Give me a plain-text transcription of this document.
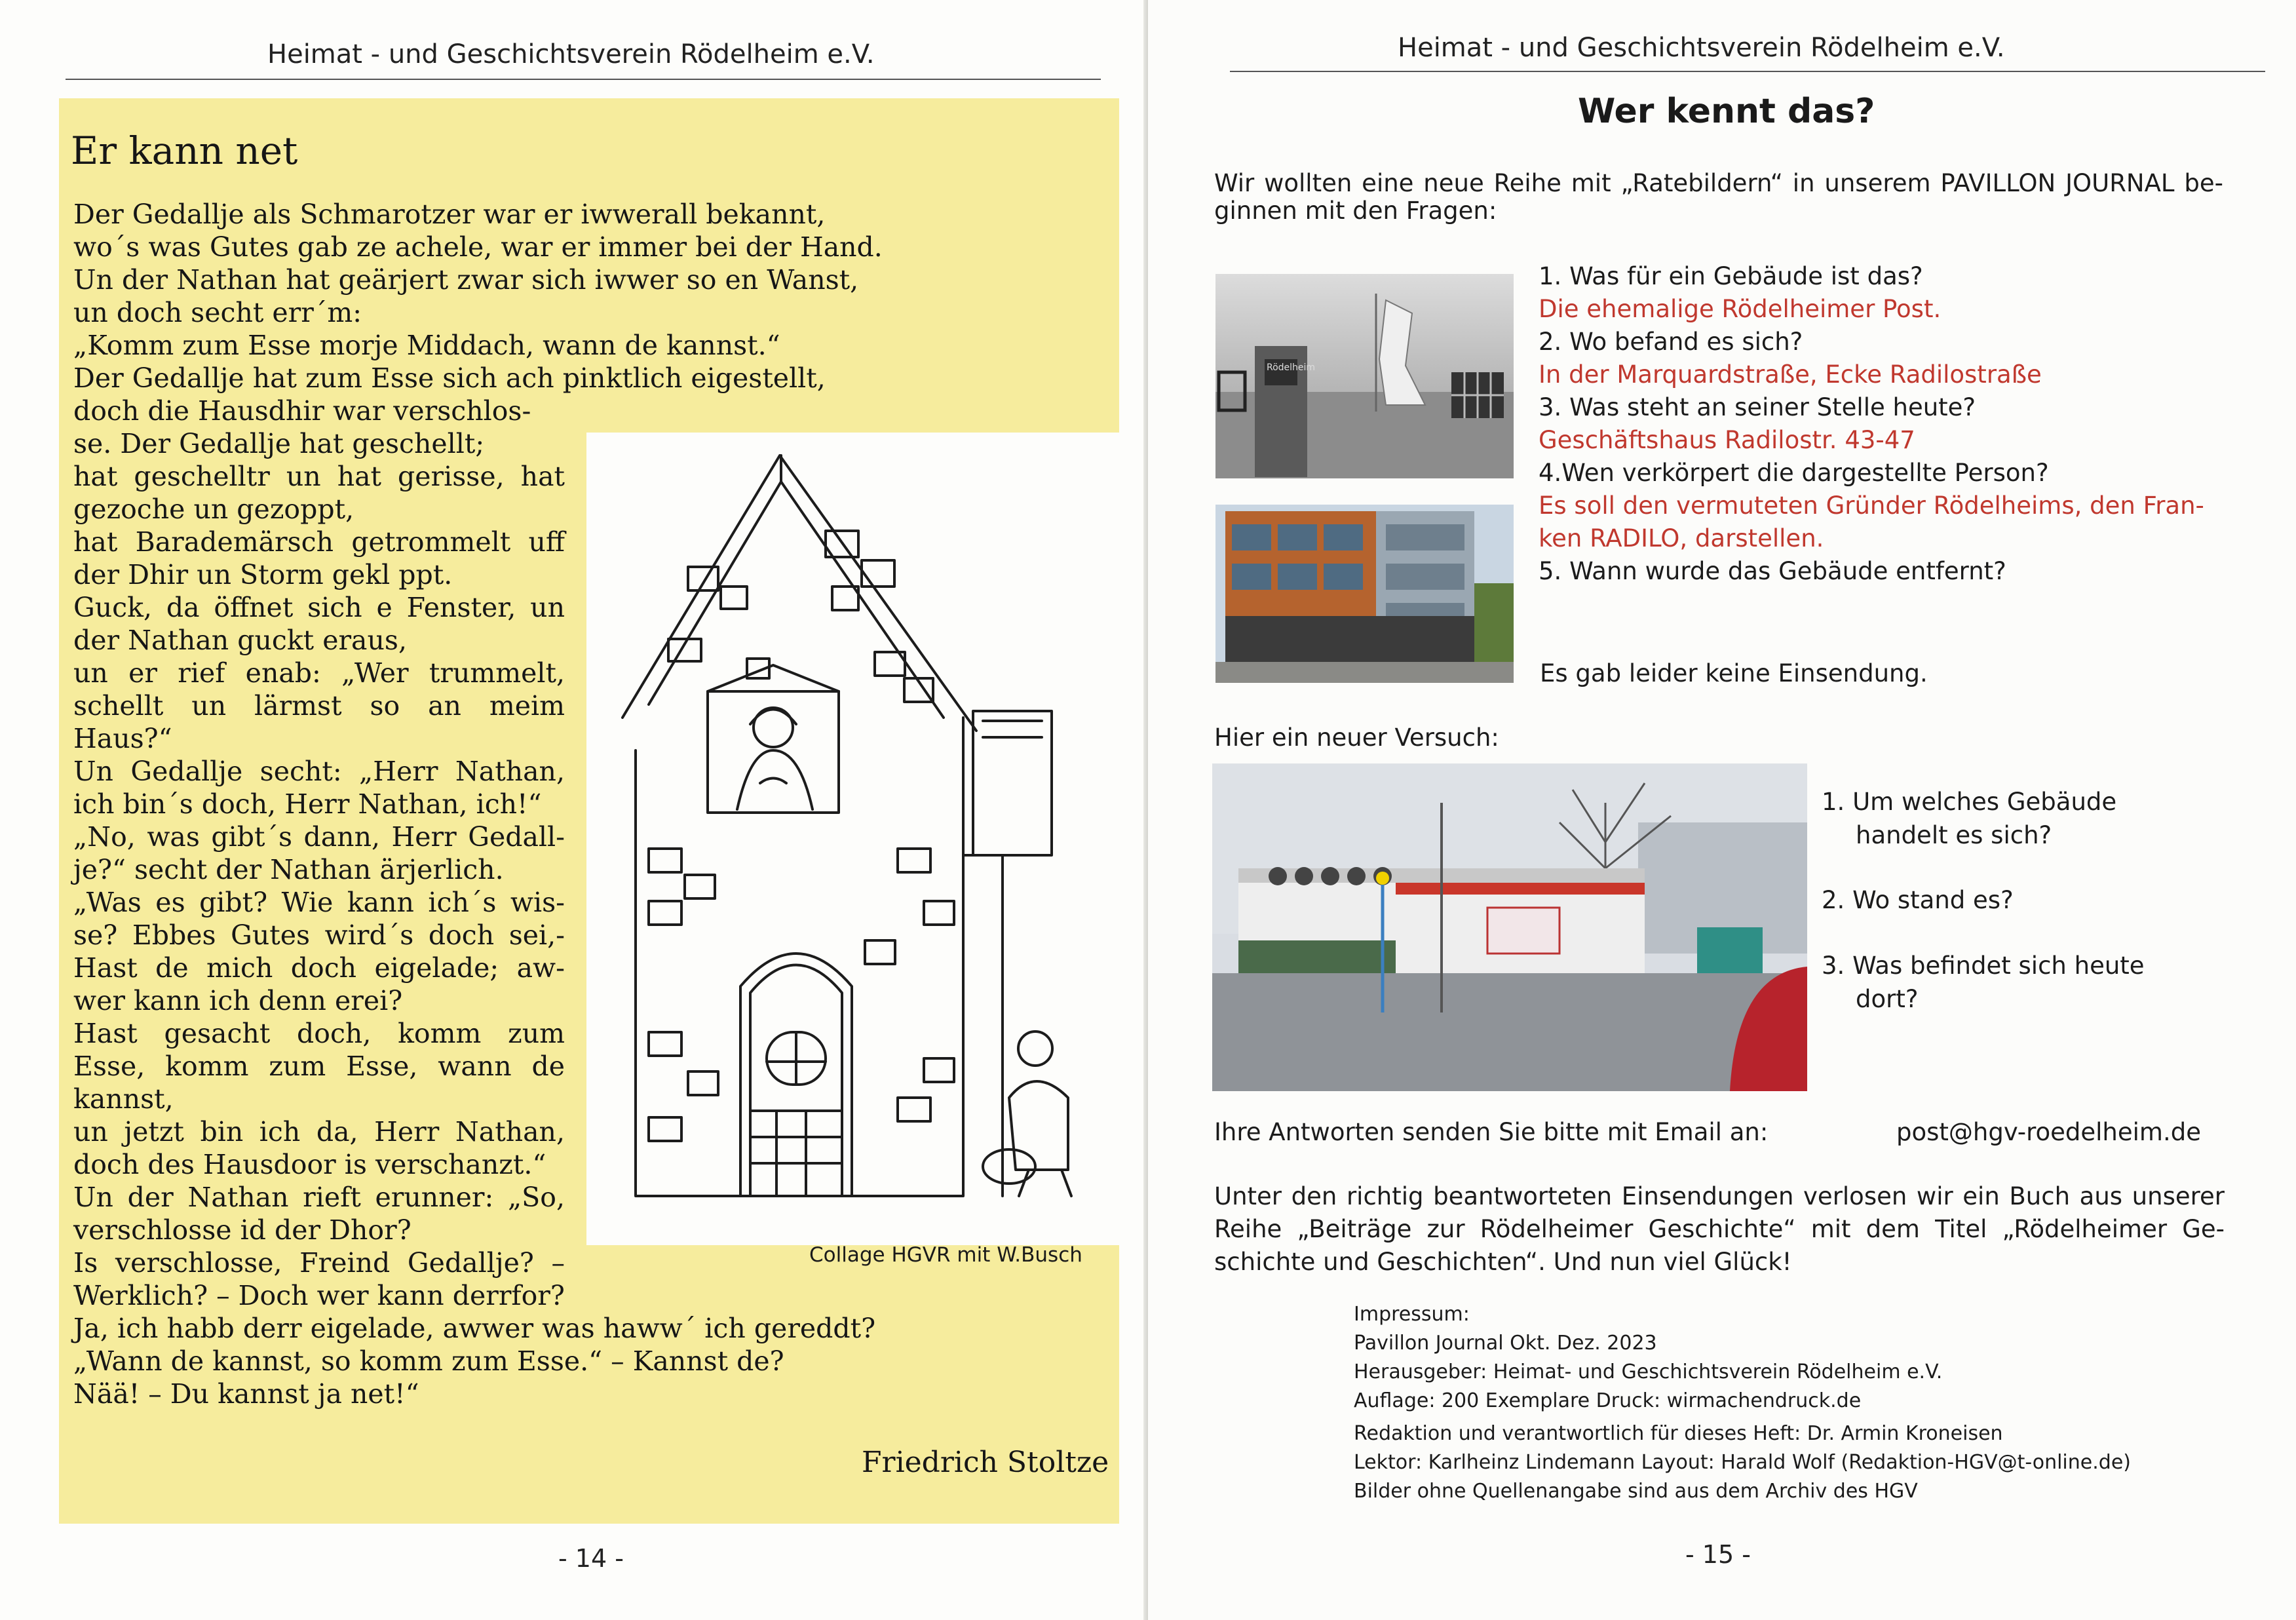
Heimat - und Geschichtsverein Rödelheim e.V.
Er kann net
Der Gedallje als Schmarotzer war er iwwerall bekannt,
wo´s was Gutes gab ze achele, war er immer bei der Hand.
Un der Nathan hat geärjert zwar sich iwwer so en Wanst,
un doch secht err´m:
„Komm zum Esse morje Middach, wann de kannst.“
Der Gedallje hat zum Esse sich ach pinktlich eigestellt,
doch die Hausdhir war verschlos-
se. Der Gedallje hat geschellt;
hat geschelltr un hat gerisse, hat
gezoche un gezoppt,
hat Barademärsch getrommelt uff
der Dhir un Storm gekl ppt.
Guck, da öffnet sich e Fenster, un
der Nathan guckt eraus,
un er rief enab: „Wer trummelt,
schellt un lärmst so an meim
Haus?“
Un Gedallje secht: „Herr Nathan,
ich bin´s doch, Herr Nathan, ich!“
„No, was gibt´s dann, Herr Gedall-
je?“ secht der Nathan ärjerlich.
„Was es gibt? Wie kann ich´s wis-
se? Ebbes Gutes wird´s doch sei,-
Hast de mich doch eigelade; aw-
wer kann ich denn erei?
Hast gesacht doch, komm zum
Esse, komm zum Esse, wann de
kannst,
un jetzt bin ich da, Herr Nathan,
doch des Hausdoor is verschanzt.“
Un der Nathan rieft erunner: „So,
verschlosse id der Dhor?
Is verschlosse, Freind Gedallje? –
Werklich? – Doch wer kann derrfor?
Ja, ich habb derr eigelade, awwer was haww´ ich gereddt?
„Wann de kannst, so komm zum Esse.“ – Kannst de?
Nää! – Du kannst ja net!“
Collage HGVR mit W.Busch
Friedrich Stoltze
- 14 -
Heimat - und Geschichtsverein Rödelheim e.V.
Wer kennt das?
Wir wollten eine neue Reihe mit „Ratebildern“ in unserem PAVILLON JOURNAL be-
ginnen mit den Fragen:
Rödelheim
1. Was für ein Gebäude ist das?
Die ehemalige Rödelheimer Post.
2. Wo befand es sich?
In der Marquardstraße, Ecke Radilostraße
3. Was steht an seiner Stelle heute?
Geschäftshaus Radilostr. 43-47
4.Wen verkörpert die dargestellte Person?
Es soll den vermuteten Gründer Rödelheims, den Fran-
ken RADILO, darstellen.
5. Wann wurde das Gebäude entfernt?
Es gab leider keine Einsendung.
Hier ein neuer Versuch:
1. Um welches Gebäude
handelt es sich?
2. Wo stand es?
3. Was befindet sich heute
dort?
Ihre Antworten senden Sie bitte mit Email an:	post@hgv-roedelheim.de
Unter den richtig beantworteten Einsendungen verlosen wir ein Buch aus unserer
Reihe „Beiträge zur Rödelheimer Geschichte“ mit dem Titel „Rödelheimer Ge-
schichte und Geschichten“. Und nun viel Glück!
Impressum:
Pavillon Journal Okt. Dez. 2023
Herausgeber: Heimat- und Geschichtsverein Rödelheim e.V.
Auflage: 200 Exemplare Druck: wirmachendruck.de
Redaktion und verantwortlich für dieses Heft: Dr. Armin Kroneisen
Lektor: Karlheinz Lindemann Layout: Harald Wolf (Redaktion-HGV@t-online.de)
Bilder ohne Quellenangabe sind aus dem Archiv des HGV
- 15 -
